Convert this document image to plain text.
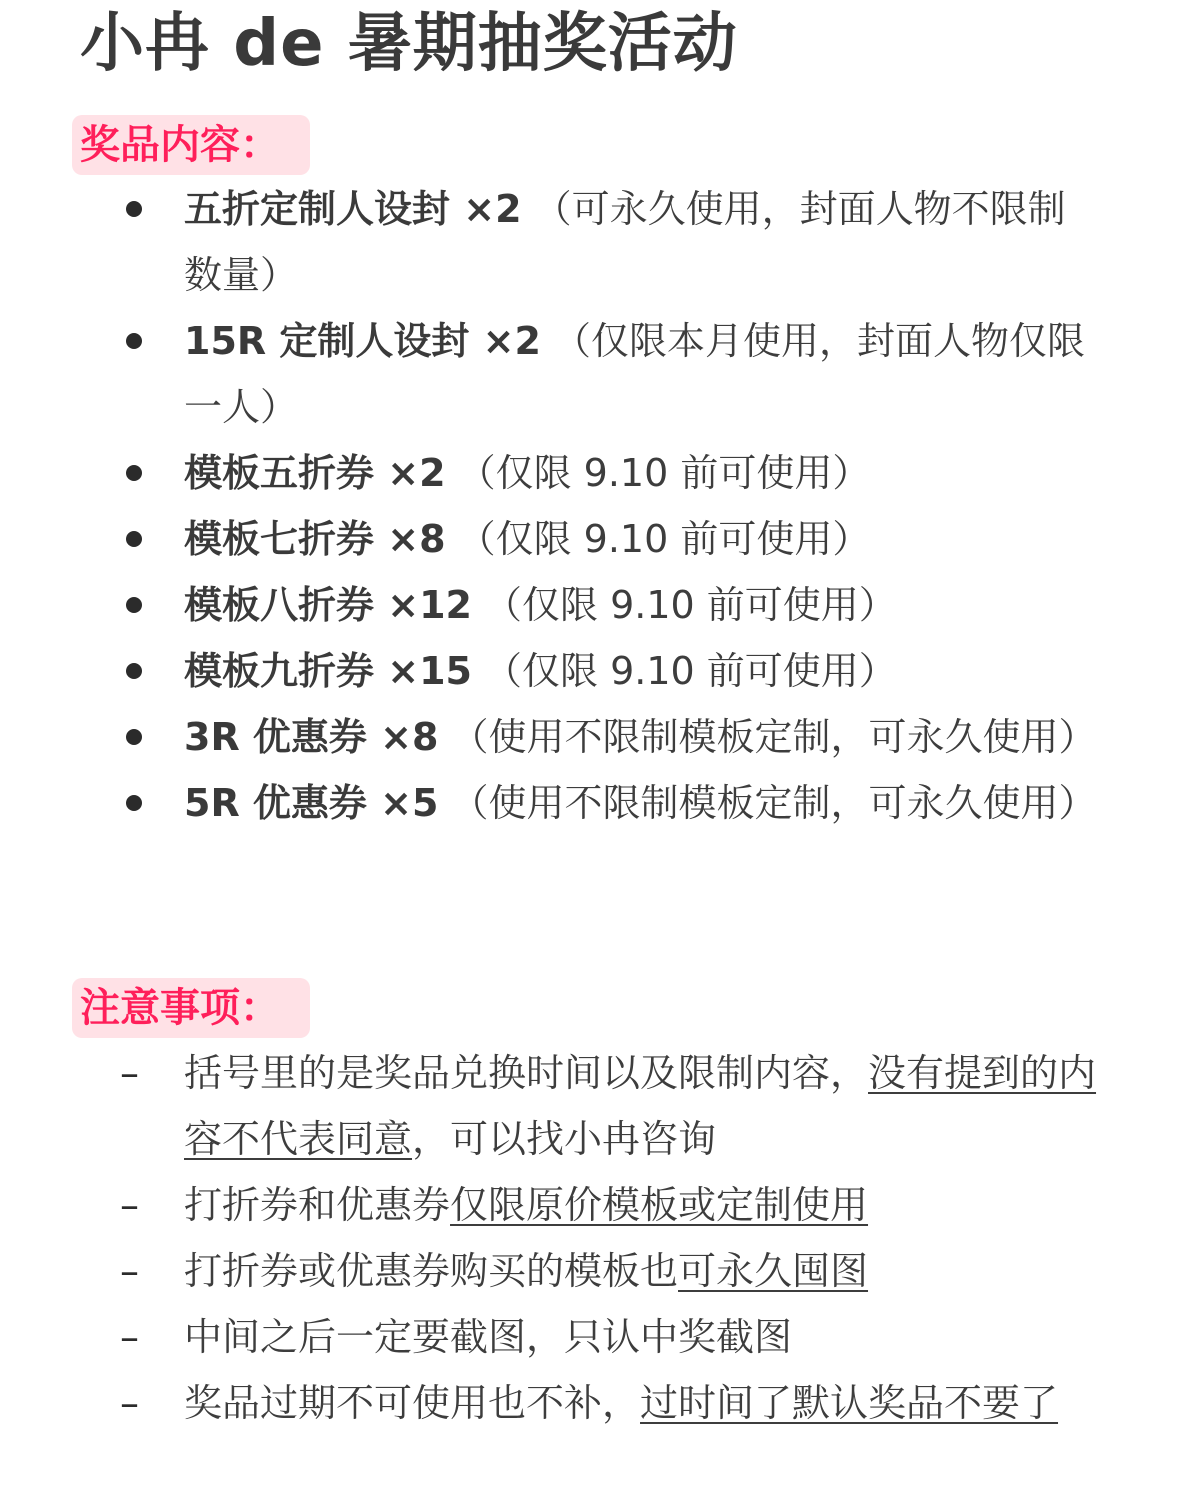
小冉 de 暑期抽奖活动
奖品内容：
五折定制人设封 ×2 （可永久使用，封面人物不限制数量）
15R 定制人设封 ×2 （仅限本月使用，封面人物仅限一人）
模板五折券 ×2 （仅限 9.10 前可使用）
模板七折券 ×8 （仅限 9.10 前可使用）
模板八折券 ×12 （仅限 9.10 前可使用）
模板九折券 ×15 （仅限 9.10 前可使用）
3R 优惠券 ×8 （使用不限制模板定制，可永久使用）
5R 优惠券 ×5 （使用不限制模板定制，可永久使用）
注意事项：
– 括号里的是奖品兑换时间以及限制内容，没有提到的内容不代表同意，可以找小冉咨询
– 打折券和优惠券仅限原价模板或定制使用
– 打折券或优惠券购买的模板也可永久囤图
– 中间之后一定要截图，只认中奖截图
– 奖品过期不可使用也不补，过时间了默认奖品不要了
